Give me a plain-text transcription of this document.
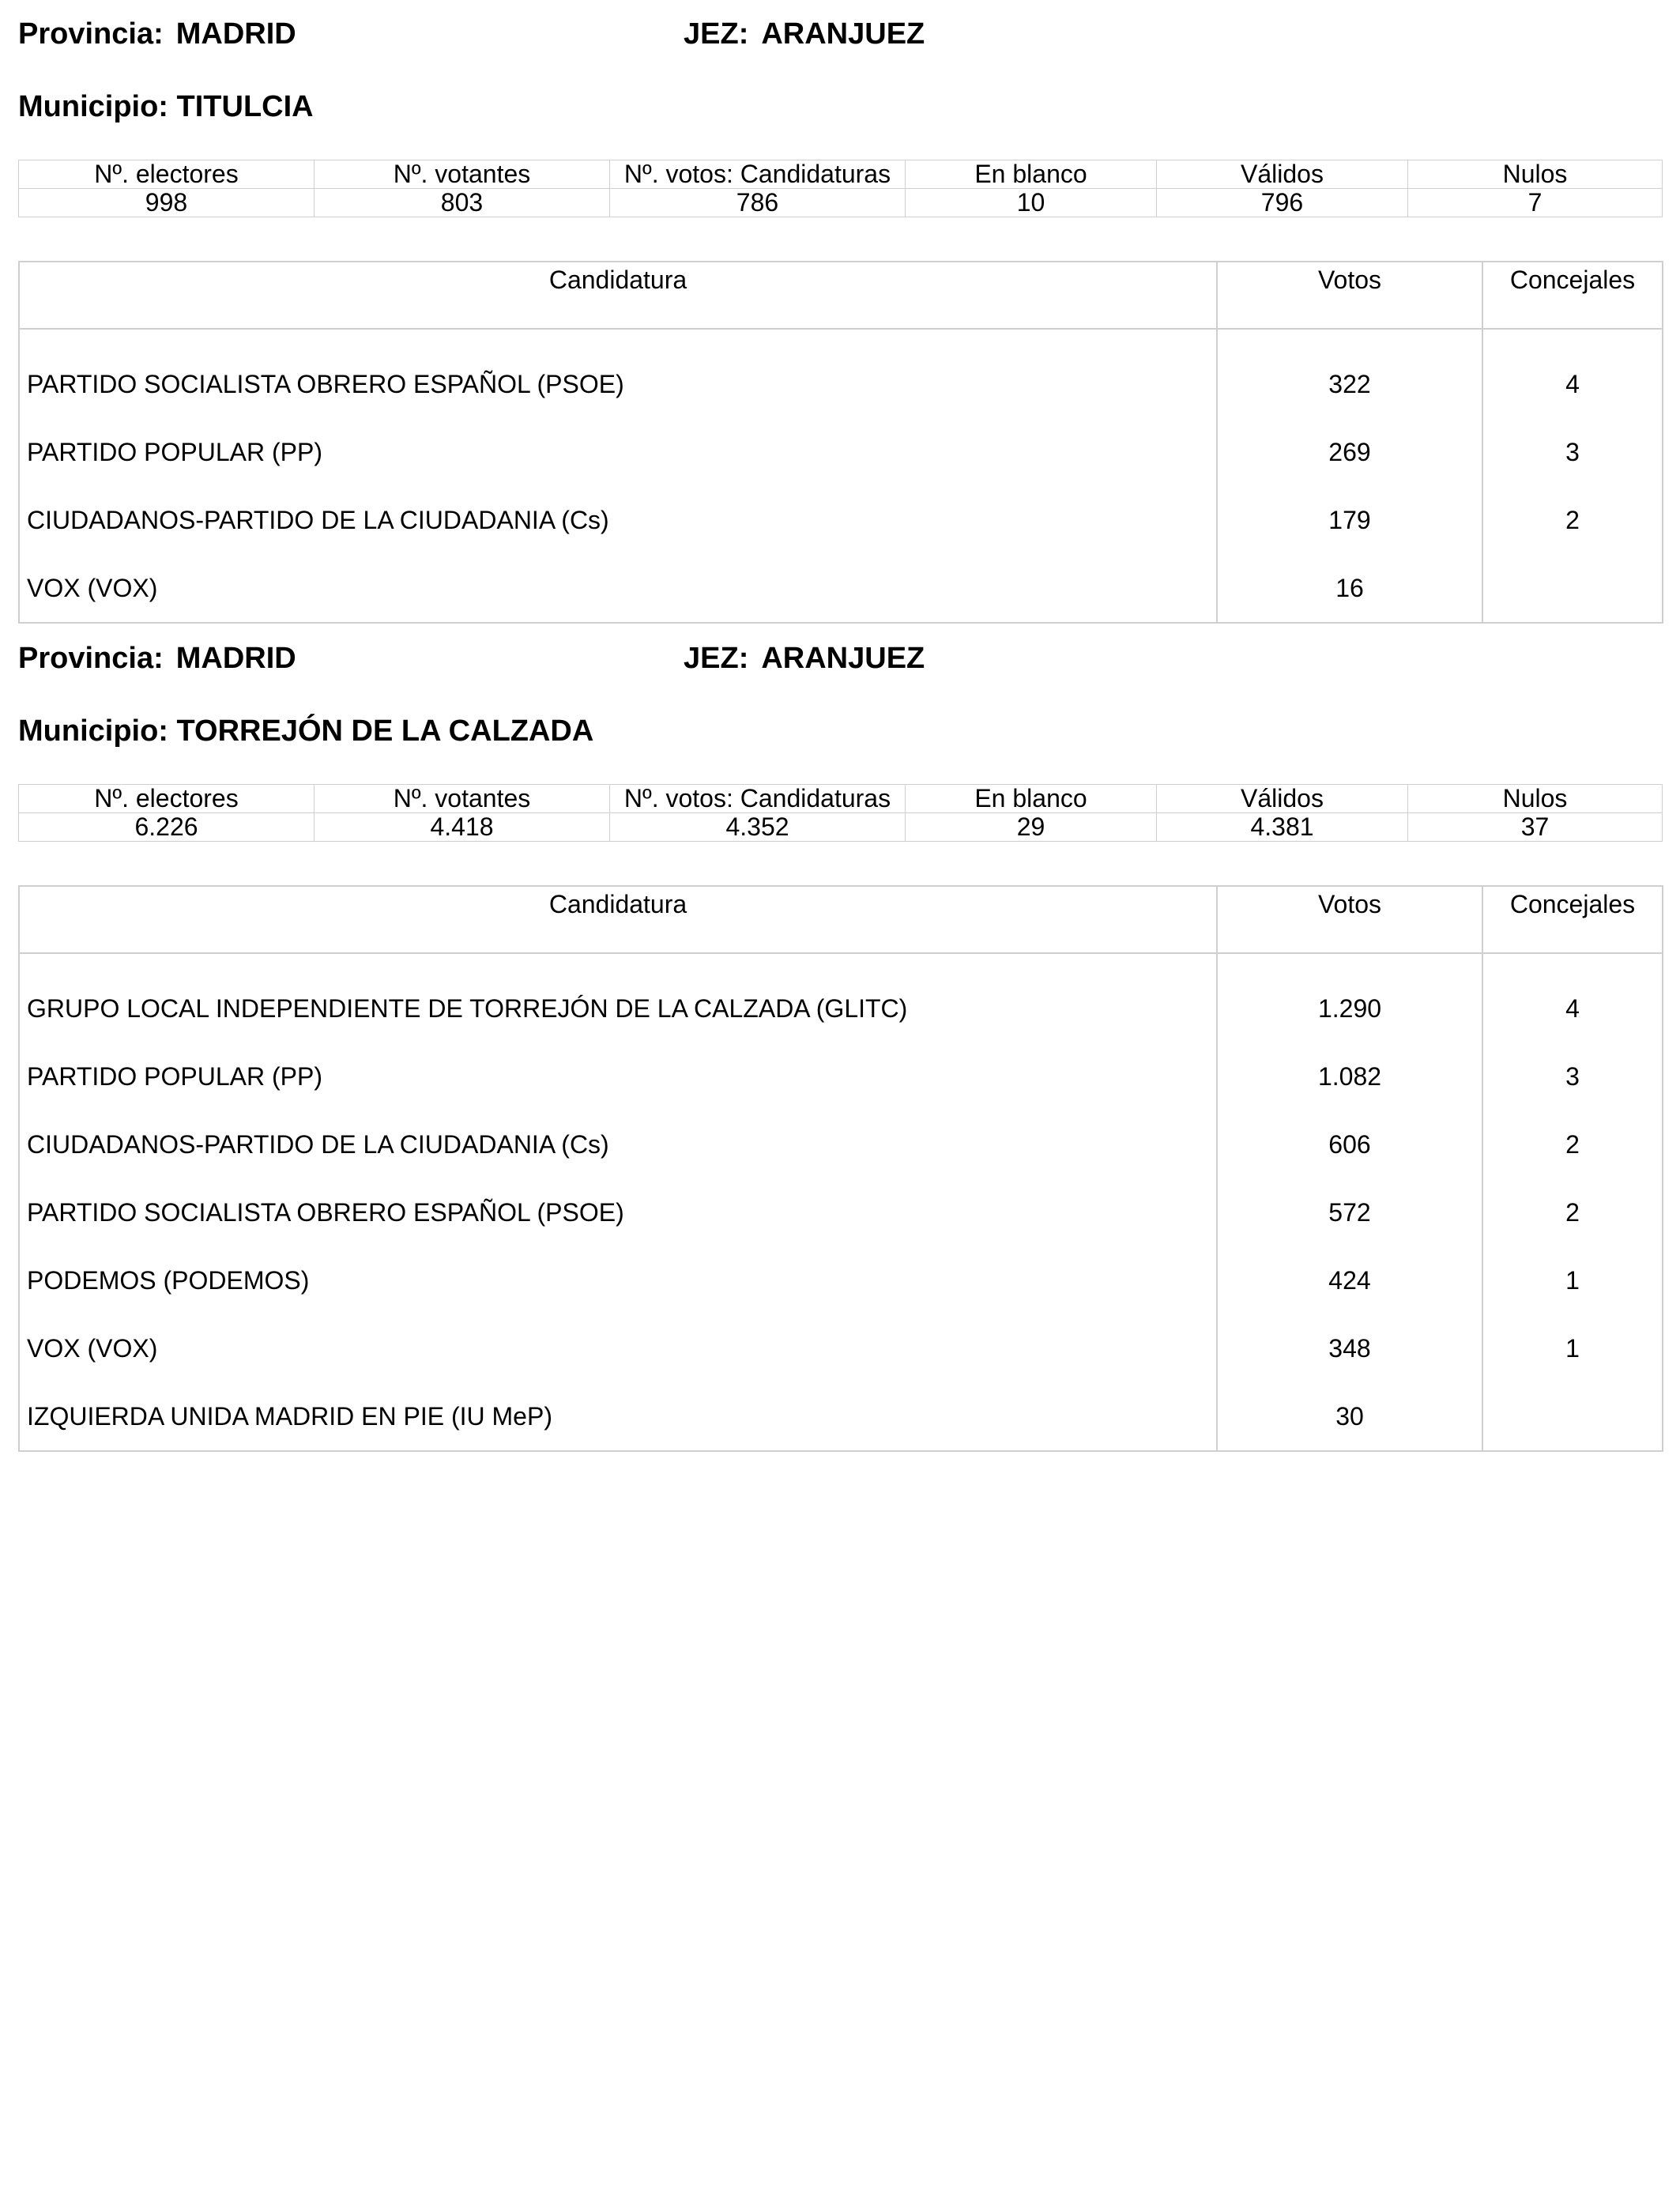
Provincia: MADRID	JEZ: ARANJUEZ
Municipio: TITULCIA
Nº. electores	Nº. votantes	Nº. votos: Candidaturas	En blanco	Válidos	Nulos
998	803	786	10	796	7
Candidatura	Votos	Concejales
PARTIDO SOCIALISTA OBRERO ESPAÑOL (PSOE)	322	4
PARTIDO POPULAR (PP)	269	3
CIUDADANOS-PARTIDO DE LA CIUDADANIA (Cs)	179	2
VOX (VOX)	16	
Provincia: MADRID	JEZ: ARANJUEZ
Municipio: TORREJÓN DE LA CALZADA
Nº. electores	Nº. votantes	Nº. votos: Candidaturas	En blanco	Válidos	Nulos
6.226	4.418	4.352	29	4.381	37
Candidatura	Votos	Concejales
GRUPO LOCAL INDEPENDIENTE DE TORREJÓN DE LA CALZADA (GLITC)	1.290	4
PARTIDO POPULAR (PP)	1.082	3
CIUDADANOS-PARTIDO DE LA CIUDADANIA (Cs)	606	2
PARTIDO SOCIALISTA OBRERO ESPAÑOL (PSOE)	572	2
PODEMOS (PODEMOS)	424	1
VOX (VOX)	348	1
IZQUIERDA UNIDA MADRID EN PIE (IU MeP)	30	
